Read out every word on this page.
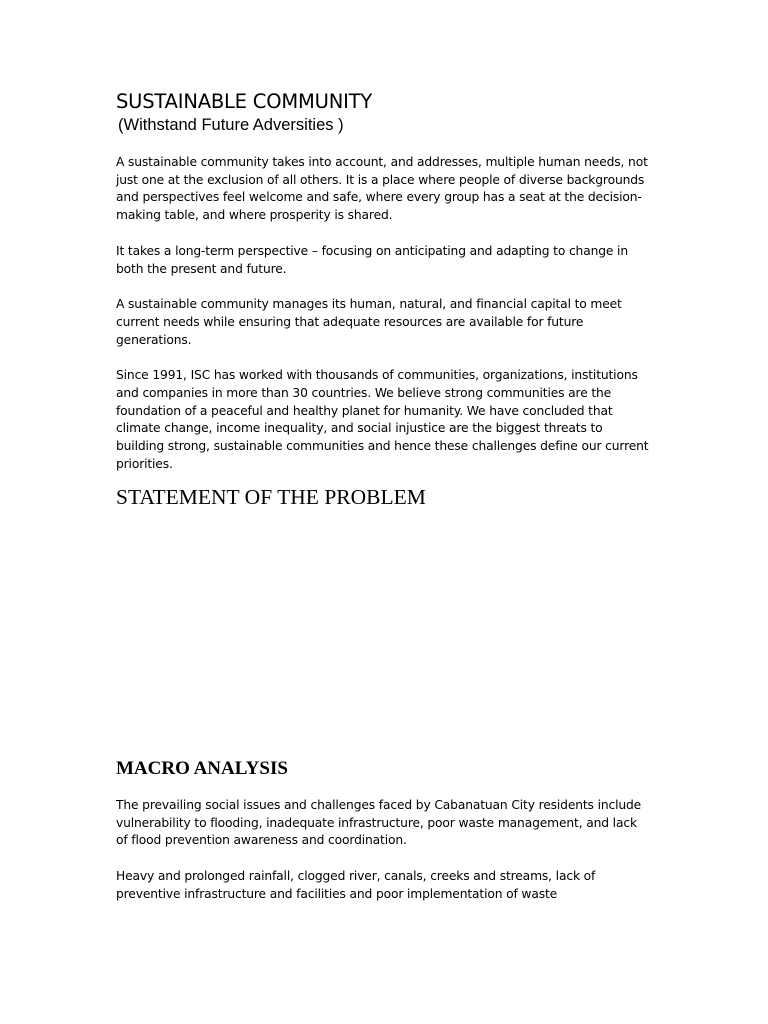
SUSTAINABLE COMMUNITY

(Withstand Future Adversities )

A sustainable community takes into account, and addresses, multiple human needs, not just one at the exclusion of all others. It is a place where people of diverse backgrounds and perspectives feel welcome and safe, where every group has a seat at the decision-making table, and where prosperity is shared.

It takes a long-term perspective – focusing on anticipating and adapting to change in both the present and future.

A sustainable community manages its human, natural, and financial capital to meet current needs while ensuring that adequate resources are available for future generations.

Since 1991, ISC has worked with thousands of communities, organizations, institutions and companies in more than 30 countries. We believe strong communities are the foundation of a peaceful and healthy planet for humanity. We have concluded that climate change, income inequality, and social injustice are the biggest threats to building strong, sustainable communities and hence these challenges define our current priorities.

STATEMENT OF THE PROBLEM
MACRO ANALYSIS

The prevailing social issues and challenges faced by Cabanatuan City residents include vulnerability to flooding, inadequate infrastructure, poor waste management, and lack of flood prevention awareness and coordination.

Heavy and prolonged rainfall, clogged river, canals, creeks and streams, lack of preventive infrastructure and facilities and poor implementation of waste
